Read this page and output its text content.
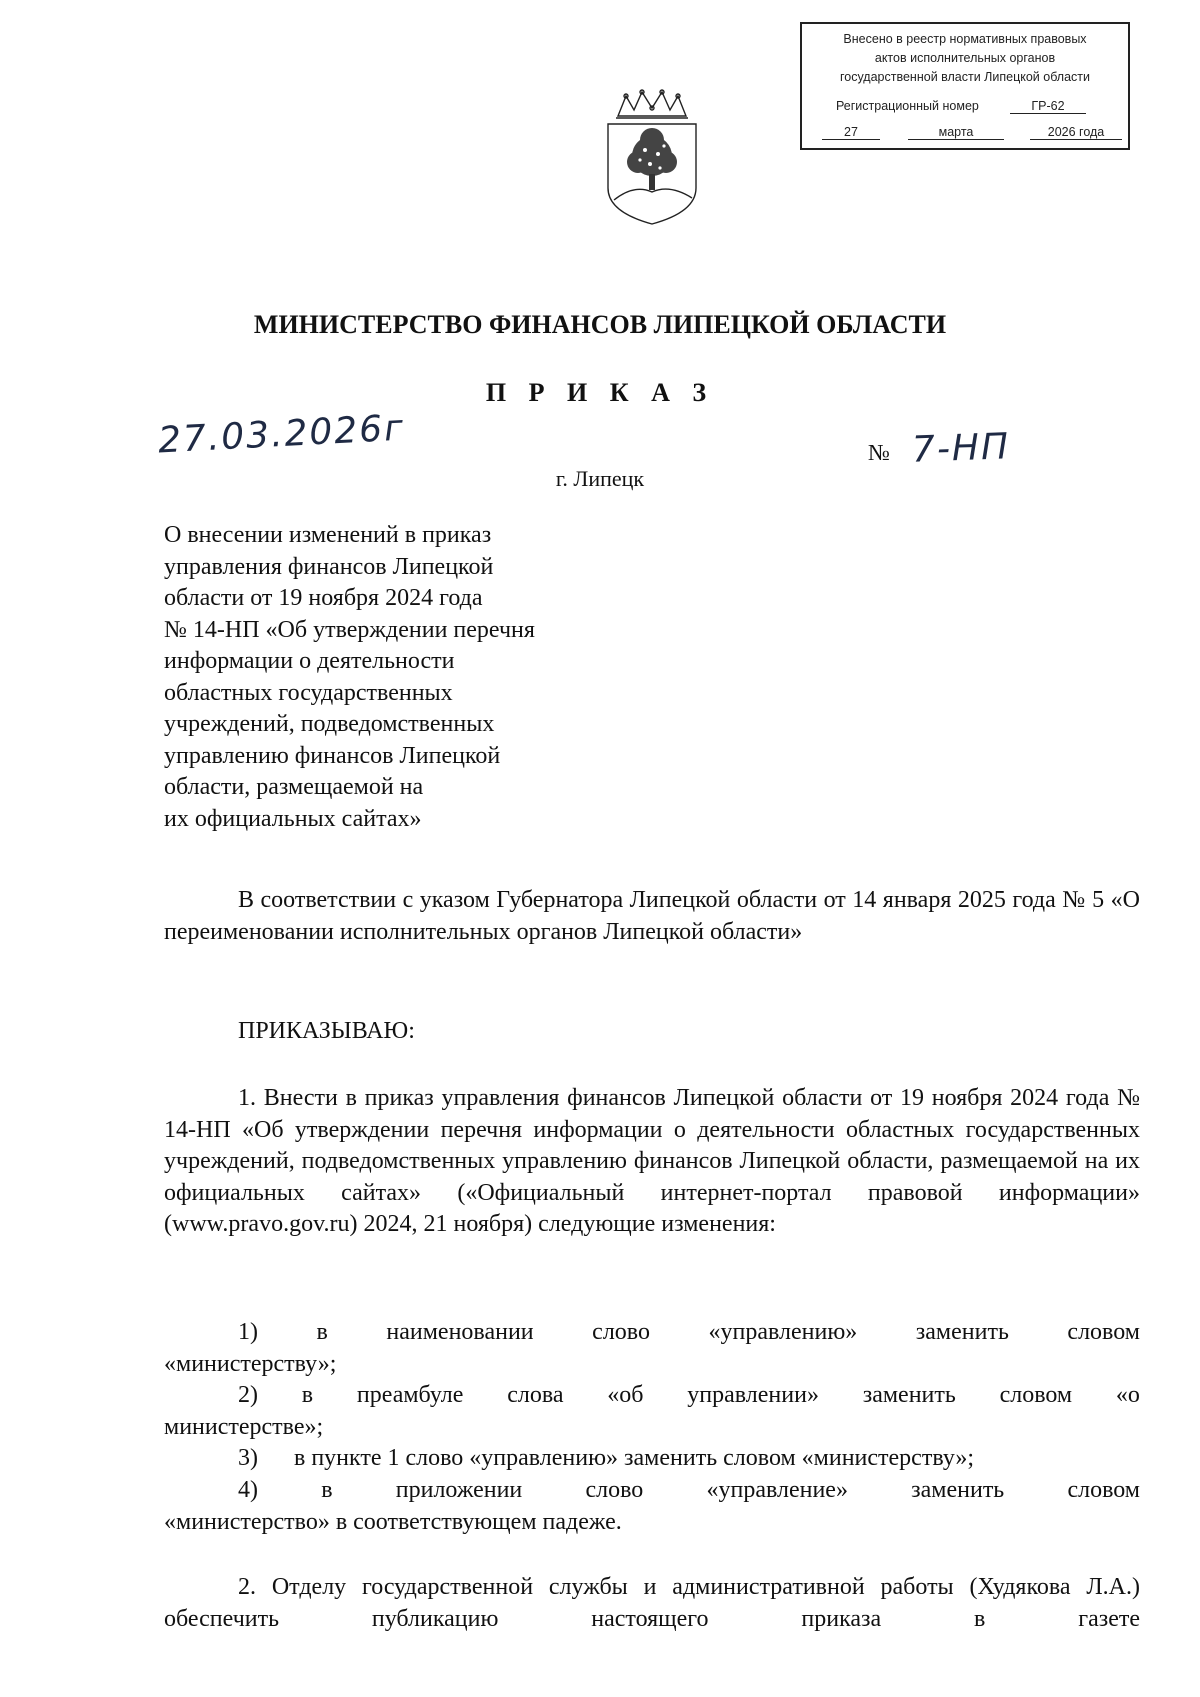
Внесено в реестр нормативных правовых
актов исполнительных органов
государственной власти Липецкой области
Регистрационный номер	ГР-62
27	марта	2026 года
МИНИСТЕРСТВО ФИНАНСОВ ЛИПЕЦКОЙ ОБЛАСТИ
П Р И К А З
27.03.2026г	№ 7-НП
г. Липецк
О внесении изменений в приказ
управления финансов Липецкой
области от 19 ноября 2024 года
№ 14-НП «Об утверждении перечня
информации о деятельности
областных государственных
учреждений, подведомственных
управлению финансов Липецкой
области, размещаемой на
их официальных сайтах»

В соответствии с указом Губернатора Липецкой области от 14 января 2025 года № 5 «О переименовании исполнительных органов Липецкой области»

ПРИКАЗЫВАЮ:

1. Внести в приказ управления финансов Липецкой области от 19 ноября 2024 года № 14-НП «Об утверждении перечня информации о деятельности областных государственных учреждений, подведомственных управлению финансов Липецкой области, размещаемой на их официальных сайтах» («Официальный интернет-портал правовой информации» (www.pravo.gov.ru) 2024, 21 ноября) следующие изменения:

1) в наименовании слово «управлению» заменить словом
«министерству»;
2) в преамбуле слова «об управлении» заменить словом «о
министерстве»;
3)      в пункте 1 слово «управлению» заменить словом «министерству»;
4)	в	приложении	слово	«управление»	заменить	словом
«министерство» в соответствующем падеже.

2. Отделу государственной службы и административной работы (Худякова Л.А.) обеспечить публикацию настоящего приказа в газете
